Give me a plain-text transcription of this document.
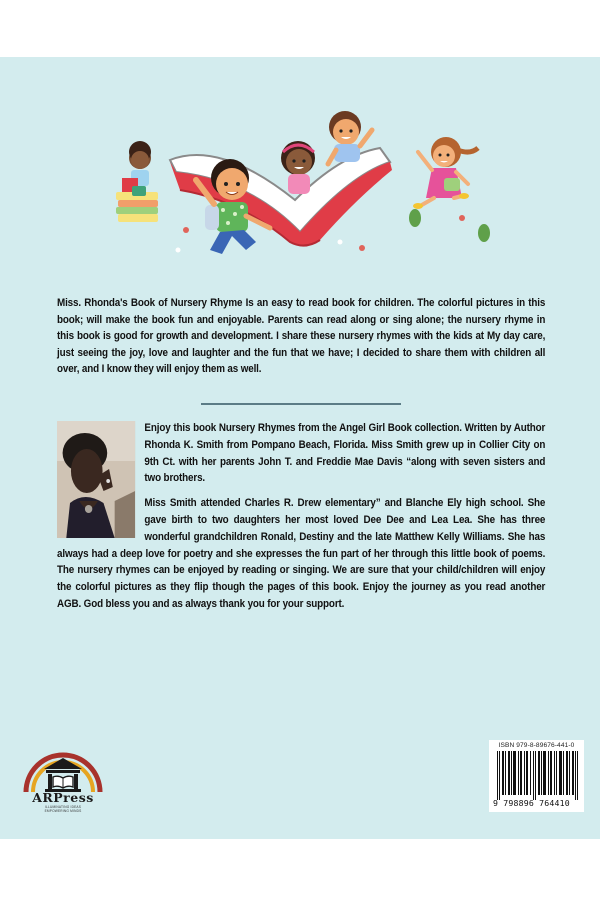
Miss. Rhonda's Book of Nursery Rhyme Is an easy to read book for children. The colorful pictures in this book; will make the book fun and enjoyable. Parents can read along or sing alone; the nursery rhyme in this book is good for growth and development. I share these nursery rhymes with the kids at My day care, just seeing the joy, love and laughter and the fun that we have; I decided to share them with children all over, and I know they will enjoy them as well.

Enjoy this book Nursery Rhymes from the Angel Girl Book collection. Written by Author Rhonda K. Smith from Pompano Beach, Florida. Miss Smith grew up in Collier City on 9th Ct. with her parents John T. and Freddie Mae Davis “along with seven sisters and two brothers.

Miss Smith attended Charles R. Drew elementary” and Blanche Ely high school. She gave birth to two daughters her most loved Dee Dee and Lea Lea. She has three wonderful grandchildren Ronald, Destiny and the late Matthew Kelly Williams. She has always had a deep love for poetry and she expresses the fun part of her through this little book of poems. The nursery rhymes can be enjoyed by reading or singing. We are sure that your child/children will enjoy the colorful pictures as they flip though the pages of this book. Enjoy the journey as you read another AGB. God bless you and as always thank you for your support.

ARPress
ILLUMINATING IDEAS
EMPOWERING MINDS
ISBN 979-8-89676-441-0
9 798896 764410
